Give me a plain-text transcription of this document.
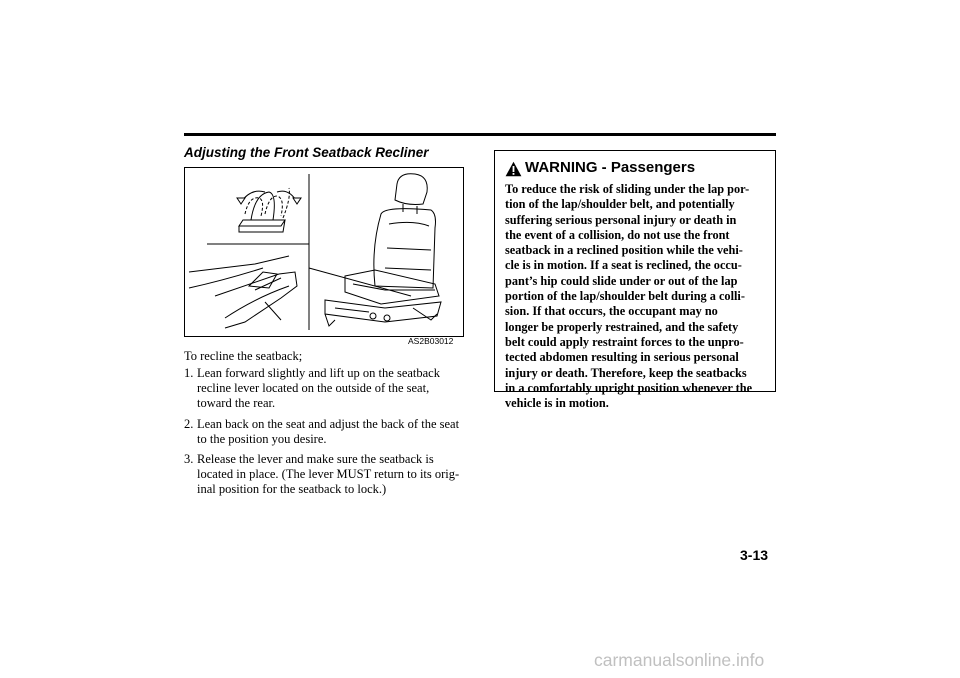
Adjusting the Front Seatback Recliner
AS2B03012
To recline the seatback;
1. Lean forward slightly and lift up on the seatback
recline lever located on the outside of the seat,
toward the rear.
2. Lean back on the seat and adjust the back of the seat
to the position you desire.
3. Release the lever and make sure the seatback is
located in place. (The lever MUST return to its orig-
inal position for the seatback to lock.)
WARNING - Passengers
To reduce the risk of sliding under the lap por-
tion of the lap/shoulder belt, and potentially
suffering serious personal injury or death in
the event of a collision, do not use the front
seatback in a reclined position while the vehi-
cle is in motion. If a seat is reclined, the occu-
pant’s hip could slide under or out of the lap
portion of the lap/shoulder belt during a colli-
sion. If that occurs, the occupant may no
longer be properly restrained, and the safety
belt could apply restraint forces to the unpro-
tected abdomen resulting in serious personal
injury or death. Therefore, keep the seatbacks
in a comfortably upright position whenever the
vehicle is in motion.
3-13
carmanualsonline.info
